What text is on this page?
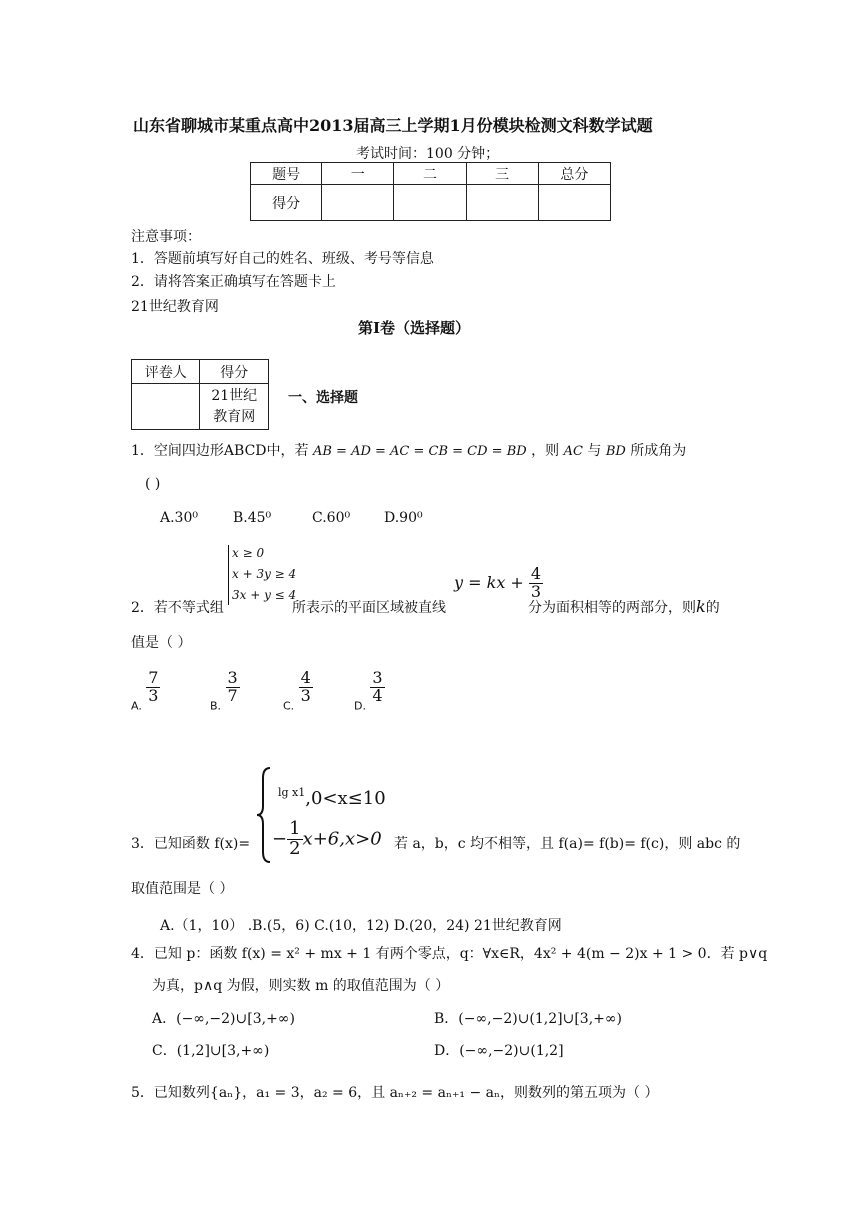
山东省聊城市某重点高中2013届高三上学期1月份模块检测文科数学试题
考试时间：100 分钟；
题号	一	二	三	总分
得分				
注意事项：
1．答题前填写好自己的姓名、班级、考号等信息
2．请将答案正确填写在答题卡上
21世纪教育网
第Ⅰ卷（选择题）
评卷人	得分
	21世纪
教育网
一、选择题
1．空间四边形ABCD中，若 AB = AD = AC = CB = CD = BD ，则 AC 与 BD 所成角为
( )
A.30⁰	B.45⁰	C.60⁰ D.90⁰
x ≥ 0
x + 3y ≥ 4
3x + y ≤ 4
2．若不等式组	所表示的平面区域被直线
y = kx + $\frac{4}{3}$
分为面积相等的两部分，则k的
值是（ ）
$_{A.}$
$\frac{7}{3}$
$_{B.}$
$\frac{3}{7}$
$_{C.}$
$\frac{4}{3}$
$_{D.}$
$\frac{3}{4}$
3．已知函数 f(x)=
$^{lg x1}$,0<x≤10
− $\frac{1}{2} x+6,x>0$ 若 a，b，c 均不相等，且 f(a)= f(b)= f(c)，则 abc 的
取值范围是（ ）
A.（1，10） .B.(5，6) C.(10，12) D.(20，24) 21世纪教育网
4．已知 p：函数 f(x) = x² + mx + 1 有两个零点，q：∀x∈R，4x² + 4(m − 2)x + 1 > 0．若 p∨q
为真，p∧q 为假，则实数 m 的取值范围为（ ）
A．(−∞,−2)∪[3,+∞)	B．(−∞,−2)∪(1,2]∪[3,+∞)
C．(1,2]∪[3,+∞)	D．(−∞,−2)∪(1,2]
5．已知数列{aₙ}，a₁ = 3，a₂ = 6，且 aₙ₊₂ = aₙ₊₁ − aₙ，则数列的第五项为（ ）
